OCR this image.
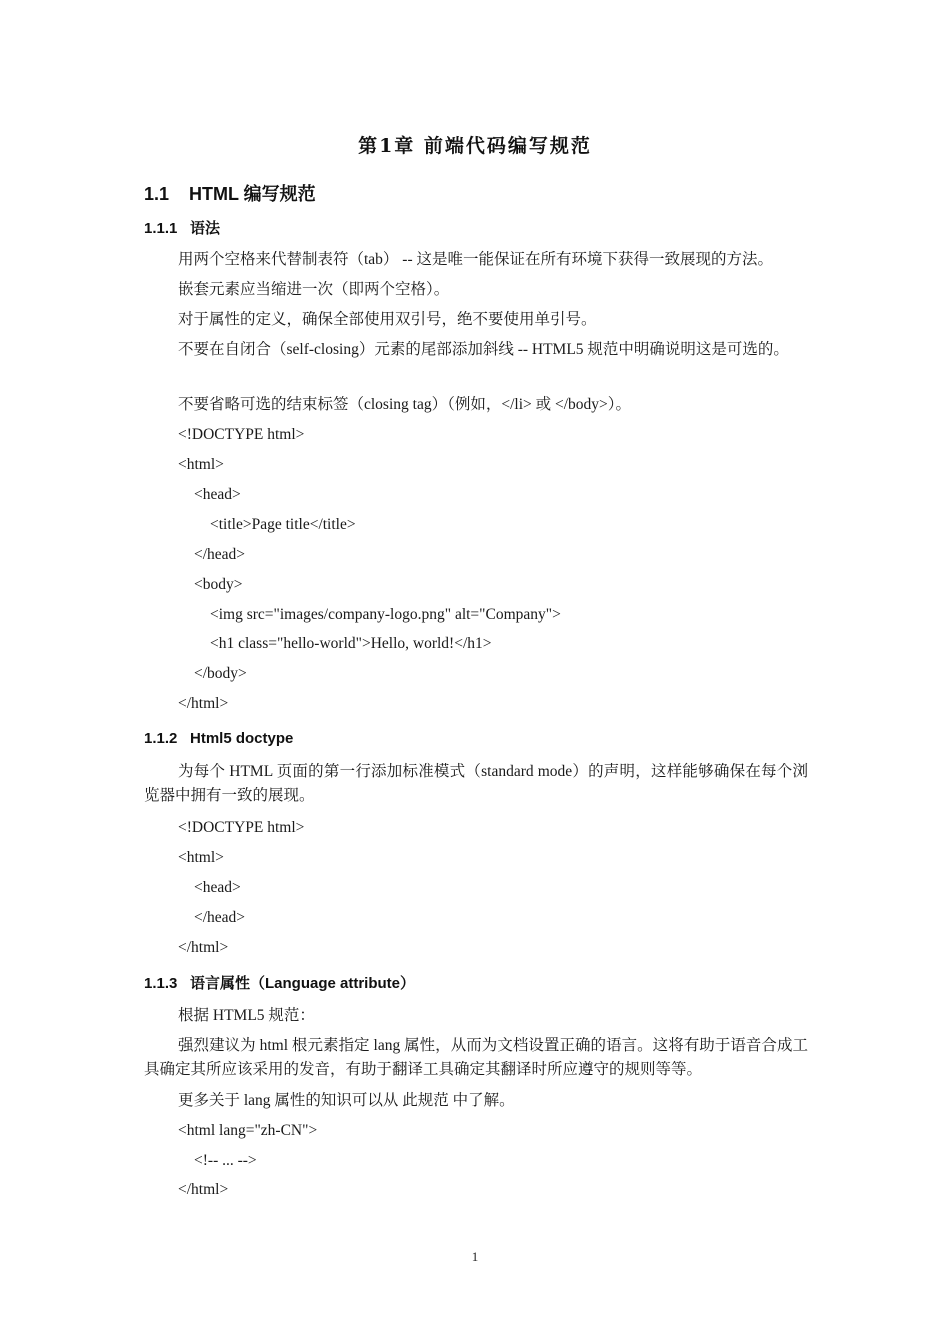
第1章 前端代码编写规范
1.1 HTML 编写规范
1.1.1 语法
用两个空格来代替制表符（tab） -- 这是唯一能保证在所有环境下获得一致展现的方法。
嵌套元素应当缩进一次（即两个空格）。
对于属性的定义，确保全部使用双引号，绝不要使用单引号。
不要在自闭合（self-closing）元素的尾部添加斜线 -- HTML5 规范中明确说明这是可选的。
不要省略可选的结束标签（closing tag）（例如，</li> 或 </body>）。
<!DOCTYPE html>
<html>
<head>
<title>Page title</title>
</head>
<body>
<img src="images/company-logo.png" alt="Company">
<h1 class="hello-world">Hello, world!</h1>
</body>
</html>
1.1.2 Html5 doctype
为每个 HTML 页面的第一行添加标准模式（standard mode）的声明，这样能够确保在每个浏览器中拥有一致的展现。
<!DOCTYPE html>
<html>
<head>
</head>
</html>
1.1.3 语言属性（Language attribute）
根据 HTML5 规范：
强烈建议为 html 根元素指定 lang 属性，从而为文档设置正确的语言。这将有助于语音合成工具确定其所应该采用的发音，有助于翻译工具确定其翻译时所应遵守的规则等等。
更多关于 lang 属性的知识可以从 此规范 中了解。
<html lang="zh-CN">
<!-- ... -->
</html>
1
